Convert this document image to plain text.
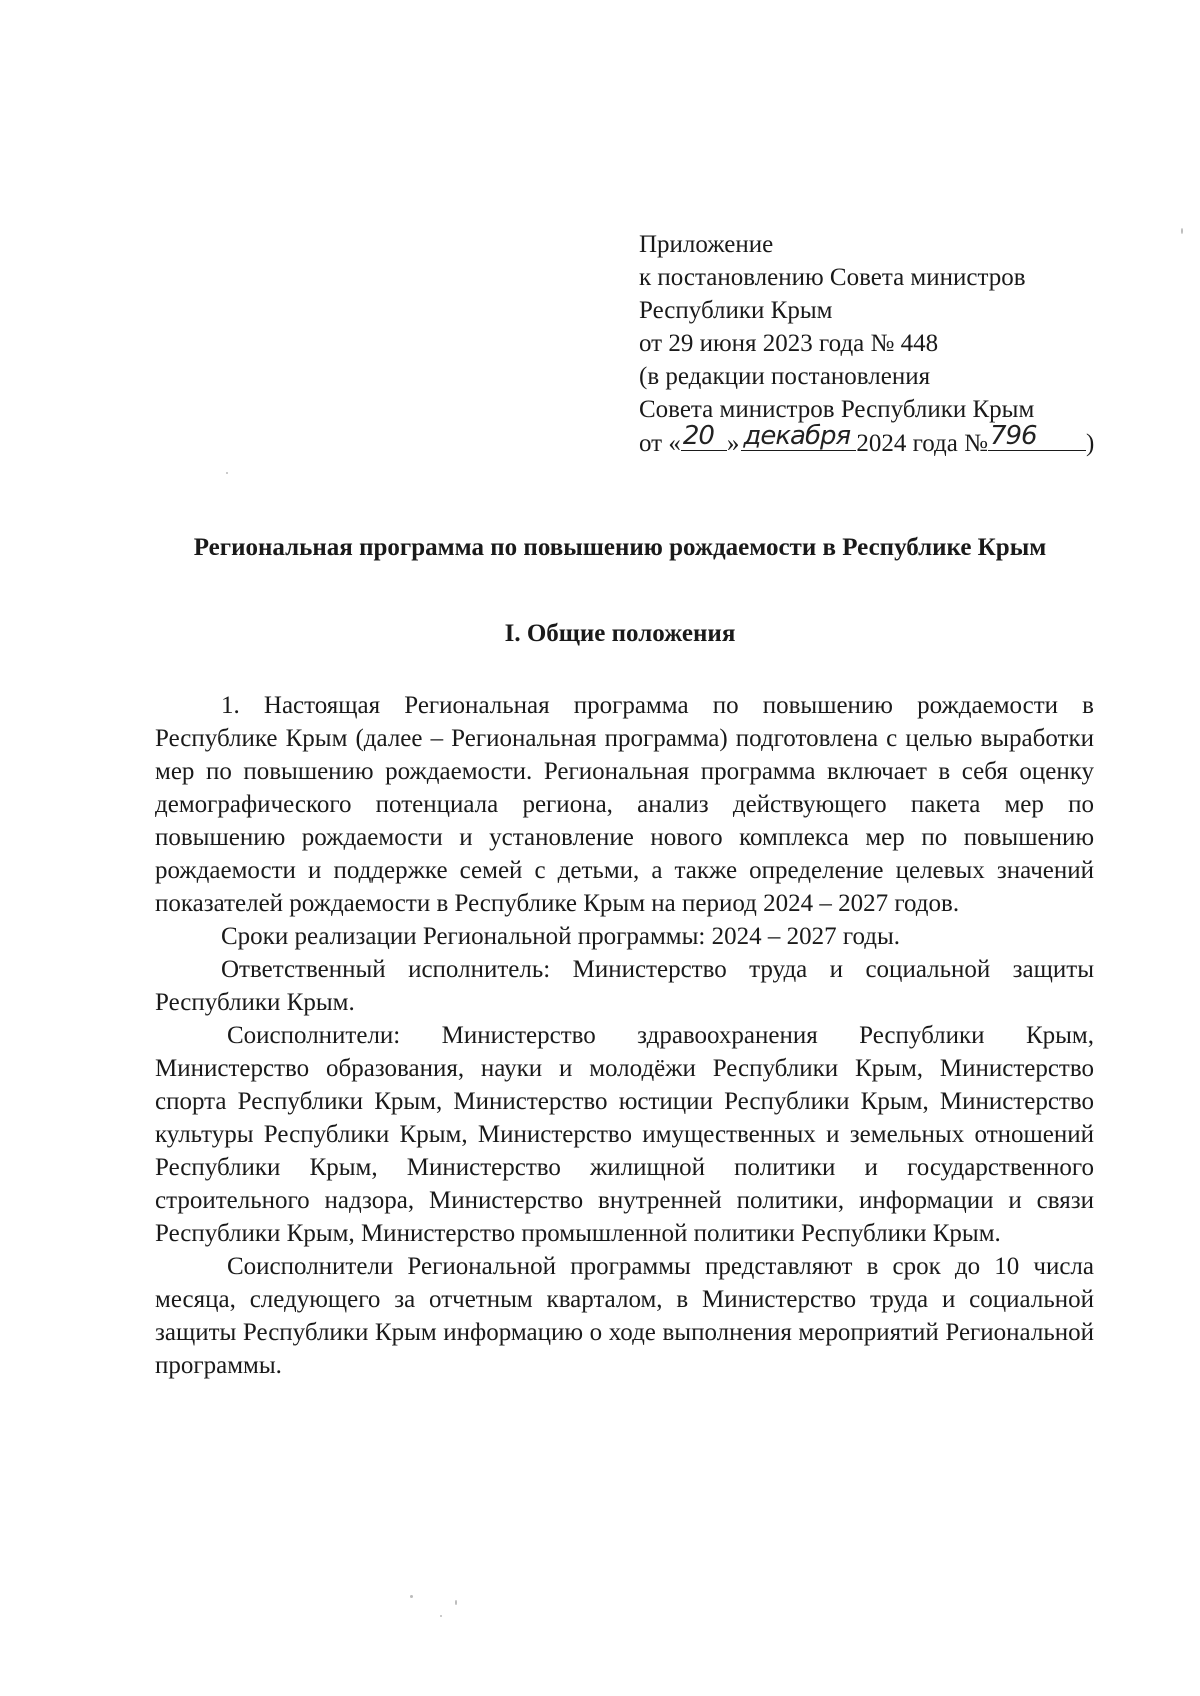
Приложение
к постановлению Совета министров
Республики Крым
от 29 июня 2023 года № 448
(в редакции постановления
Совета министров Республики Крым
от « 20 » декабря 2024 года № 796 )
Региональная программа по повышению рождаемости в Республике Крым
I. Общие положения

1. Настоящая Региональная программа по повышению рождаемости в Республике Крым (далее – Региональная программа) подготовлена с целью выработки мер по повышению рождаемости. Региональная программа включает в себя оценку демографического потенциала региона, анализ действующего пакета мер по повышению рождаемости и установление нового комплекса мер по повышению рождаемости и поддержке семей с детьми, а также определение целевых значений показателей рождаемости в Республике Крым на период 2024 – 2027 годов.

Сроки реализации Региональной программы: 2024 – 2027 годы.

Ответственный исполнитель: Министерство труда и социальной защиты Республики Крым.

Соисполнители: Министерство здравоохранения Республики Крым, Министерство образования, науки и молодёжи Республики Крым, Министерство спорта Республики Крым, Министерство юстиции Республики Крым, Министерство культуры Республики Крым, Министерство имущественных и земельных отношений Республики Крым, Министерство жилищной политики и государственного строительного надзора, Министерство внутренней политики, информации и связи Республики Крым, Министерство промышленной политики Республики Крым.

Соисполнители Региональной программы представляют в срок до 10 числа месяца, следующего за отчетным кварталом, в Министерство труда и социальной защиты Республики Крым информацию о ходе выполнения мероприятий Региональной программы.
